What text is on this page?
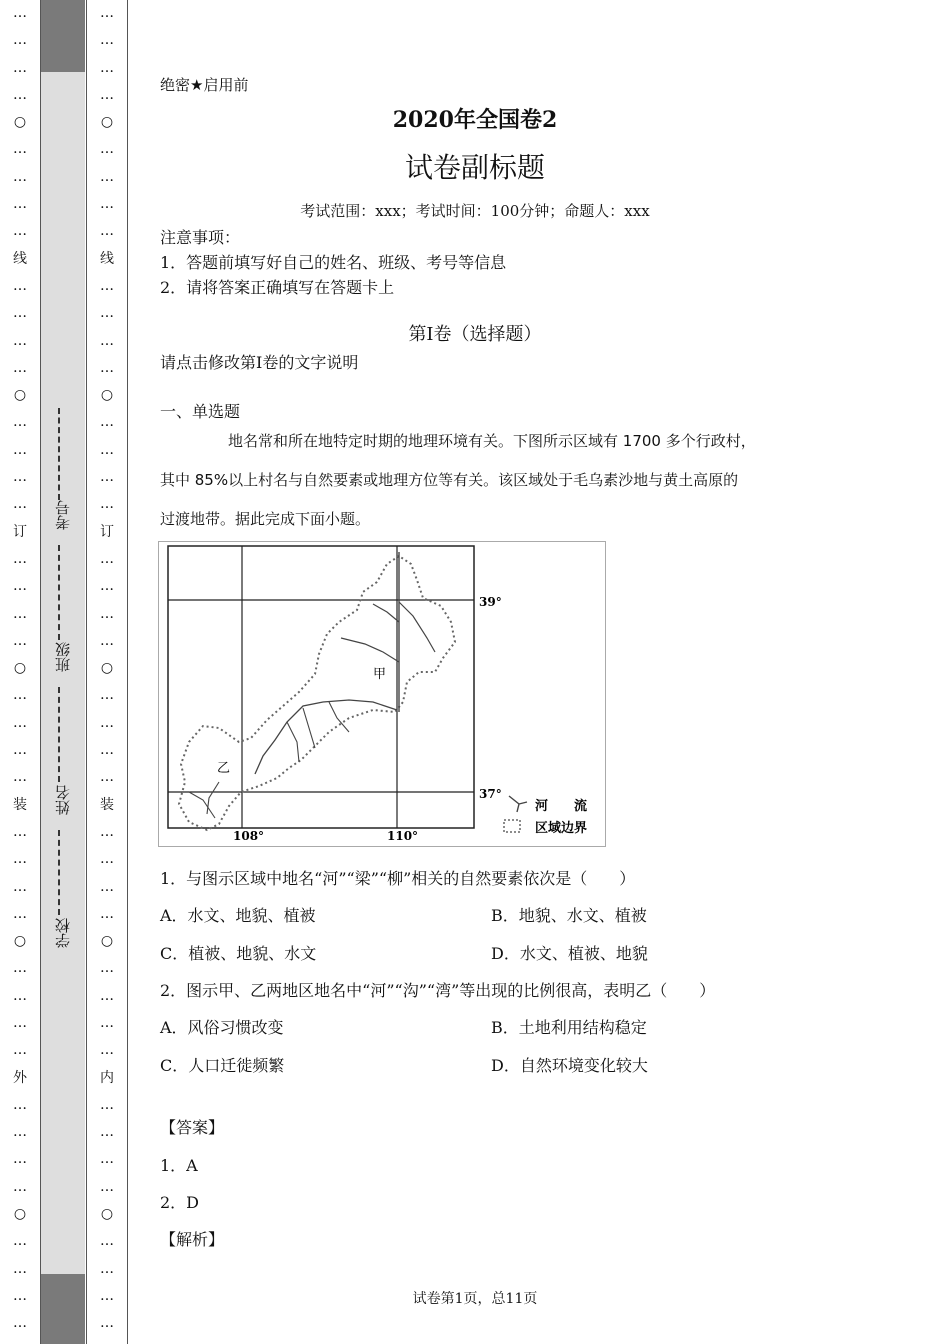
…
…
…
…
○
…
…
…
…
线
…
…
…
…
○
…
…
…
…
订
…
…
…
…
○
…
…
…
…
装
…
…
…
…
○
…
…
…
…
外
…
…
…
…
○
…
…
…
…
…
…
…
…
○
…
…
…
…
线
…
…
…
…
○
…
…
…
…
订
…
…
…
…
○
…
…
…
…
装
…
…
…
…
○
…
…
…
…
内
…
…
…
…
○
…
…
…
…
考号
班级
姓名
学校
绝密★启用前
2020年全国卷2
试卷副标题
考试范围：xxx；考试时间：100分钟；命题人：xxx
注意事项：
1．答题前填写好自己的姓名、班级、考号等信息
2．请将答案正确填写在答题卡上
第I卷（选择题）
请点击修改第I卷的文字说明
一、单选题
地名常和所在地特定时期的地理环境有关。下图所示区域有 1700 多个行政村，
其中 85%以上村名与自然要素或地理方位等有关。该区域处于毛乌素沙地与黄土高原的
过渡地带。据此完成下面小题。
39°
37°
108°	110°
甲
乙
河　　流
区域边界
1．与图示区域中地名“河”“梁”“柳”相关的自然要素依次是（　　）
A．水文、地貌、植被	B．地貌、水文、植被
C．植被、地貌、水文	D．水文、植被、地貌
2．图示甲、乙两地区地名中“河”“沟”“湾”等出现的比例很高，表明乙（　　）
A．风俗习惯改变	B．土地利用结构稳定
C．人口迁徙频繁	D．自然环境变化较大
【答案】
1．A
2．D
【解析】
试卷第1页，总11页
